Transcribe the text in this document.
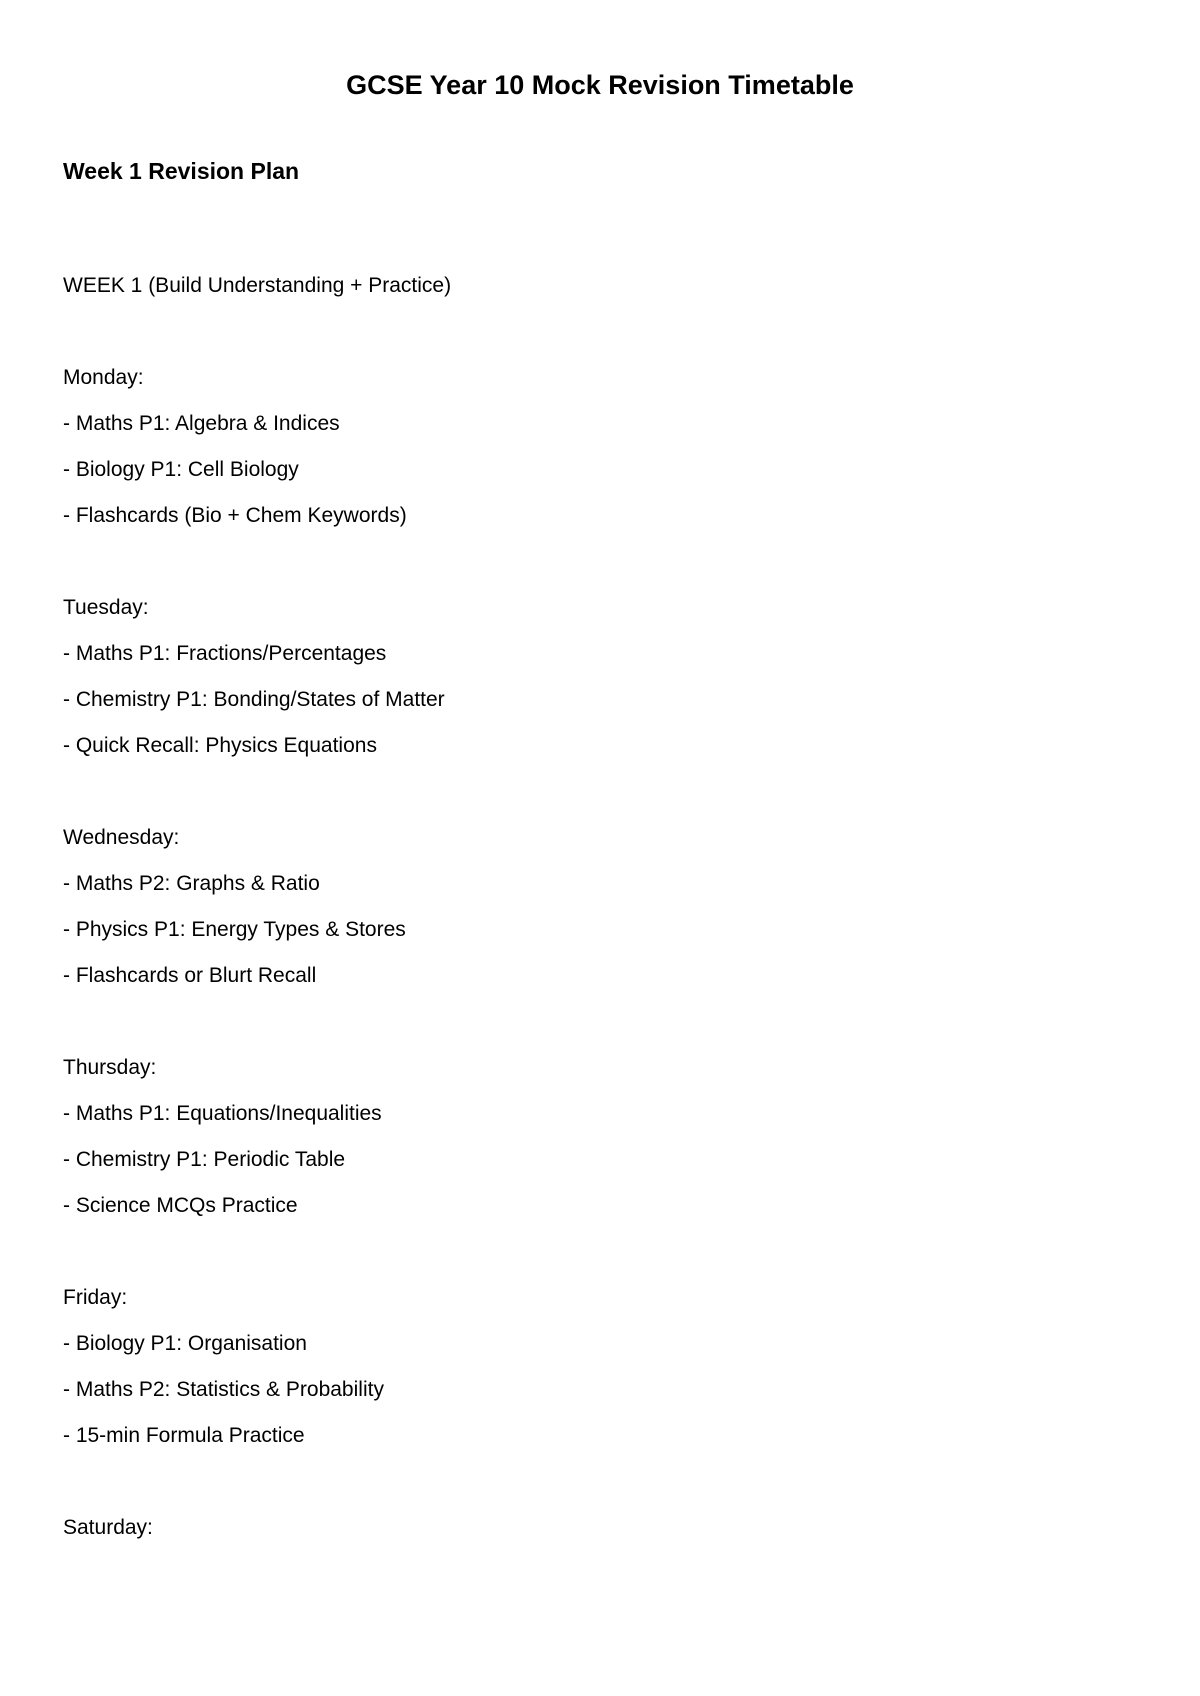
GCSE Year 10 Mock Revision Timetable
Week 1 Revision Plan

WEEK 1 (Build Understanding + Practice)

Monday:

- Maths P1: Algebra & Indices
- Biology P1: Cell Biology
- Flashcards (Bio + Chem Keywords)

Tuesday:

- Maths P1: Fractions/Percentages
- Chemistry P1: Bonding/States of Matter
- Quick Recall: Physics Equations

Wednesday:

- Maths P2: Graphs & Ratio
- Physics P1: Energy Types & Stores
- Flashcards or Blurt Recall

Thursday:

- Maths P1: Equations/Inequalities
- Chemistry P1: Periodic Table
- Science MCQs Practice

Friday:

- Biology P1: Organisation
- Maths P2: Statistics & Probability
- 15-min Formula Practice

Saturday:
